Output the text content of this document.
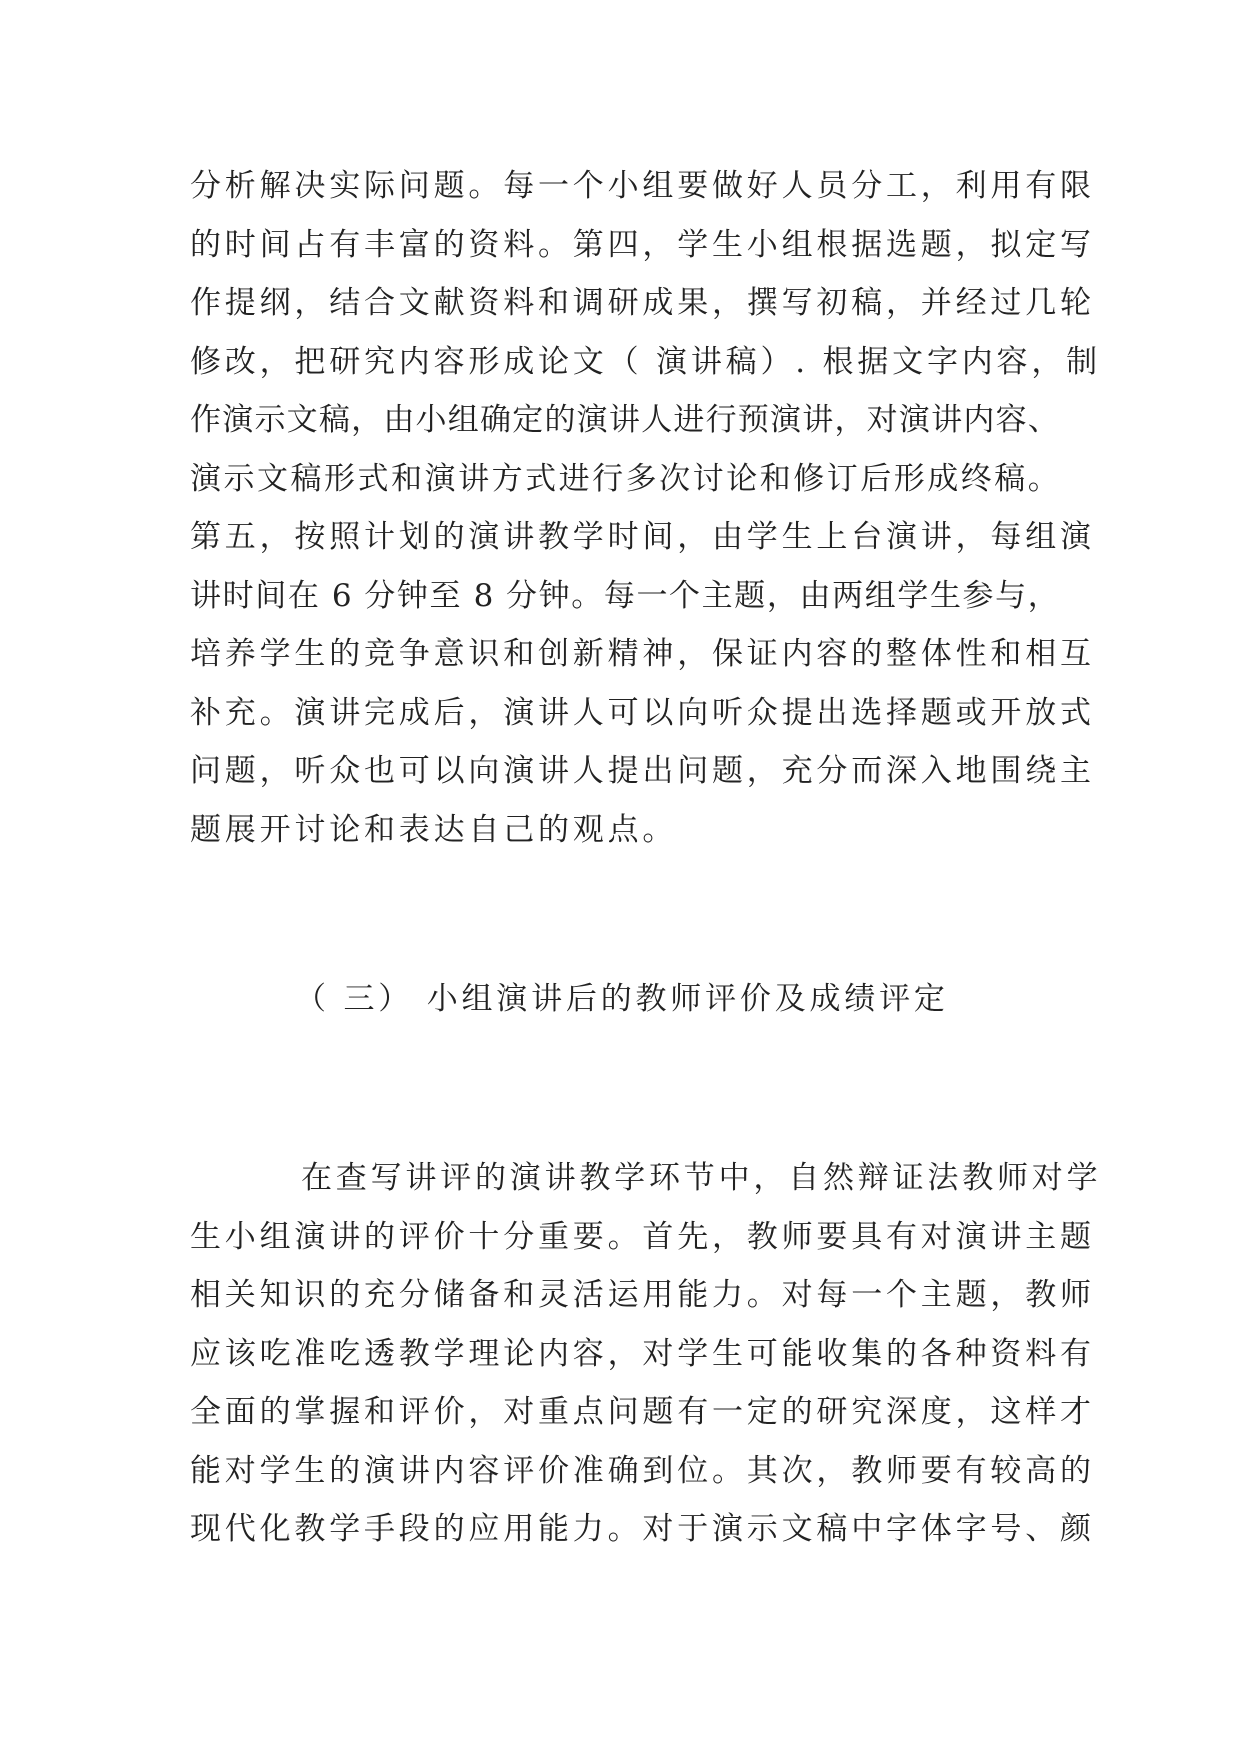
分析解决实际问题。每一个小组要做好人员分工，利用有限
的时间占有丰富的资料。第四，学生小组根据选题，拟定写
作提纲，结合文献资料和调研成果，撰写初稿，并经过几轮
修改，把研究内容形成论文（ 演讲稿）. 根据文字内容，制
作演示文稿，由小组确定的演讲人进行预演讲，对演讲内容、
演示文稿形式和演讲方式进行多次讨论和修订后形成终稿。
第五，按照计划的演讲教学时间，由学生上台演讲，每组演
讲时间在 6 分钟至 8 分钟。每一个主题，由两组学生参与，
培养学生的竞争意识和创新精神，保证内容的整体性和相互
补充。演讲完成后，演讲人可以向听众提出选择题或开放式
问题，听众也可以向演讲人提出问题，充分而深入地围绕主
题展开讨论和表达自己的观点。
（ 三） 小组演讲后的教师评价及成绩评定
在查写讲评的演讲教学环节中，自然辩证法教师对学
生小组演讲的评价十分重要。首先，教师要具有对演讲主题
相关知识的充分储备和灵活运用能力。对每一个主题，教师
应该吃准吃透教学理论内容，对学生可能收集的各种资料有
全面的掌握和评价，对重点问题有一定的研究深度，这样才
能对学生的演讲内容评价准确到位。其次，教师要有较高的
现代化教学手段的应用能力。对于演示文稿中字体字号、颜
